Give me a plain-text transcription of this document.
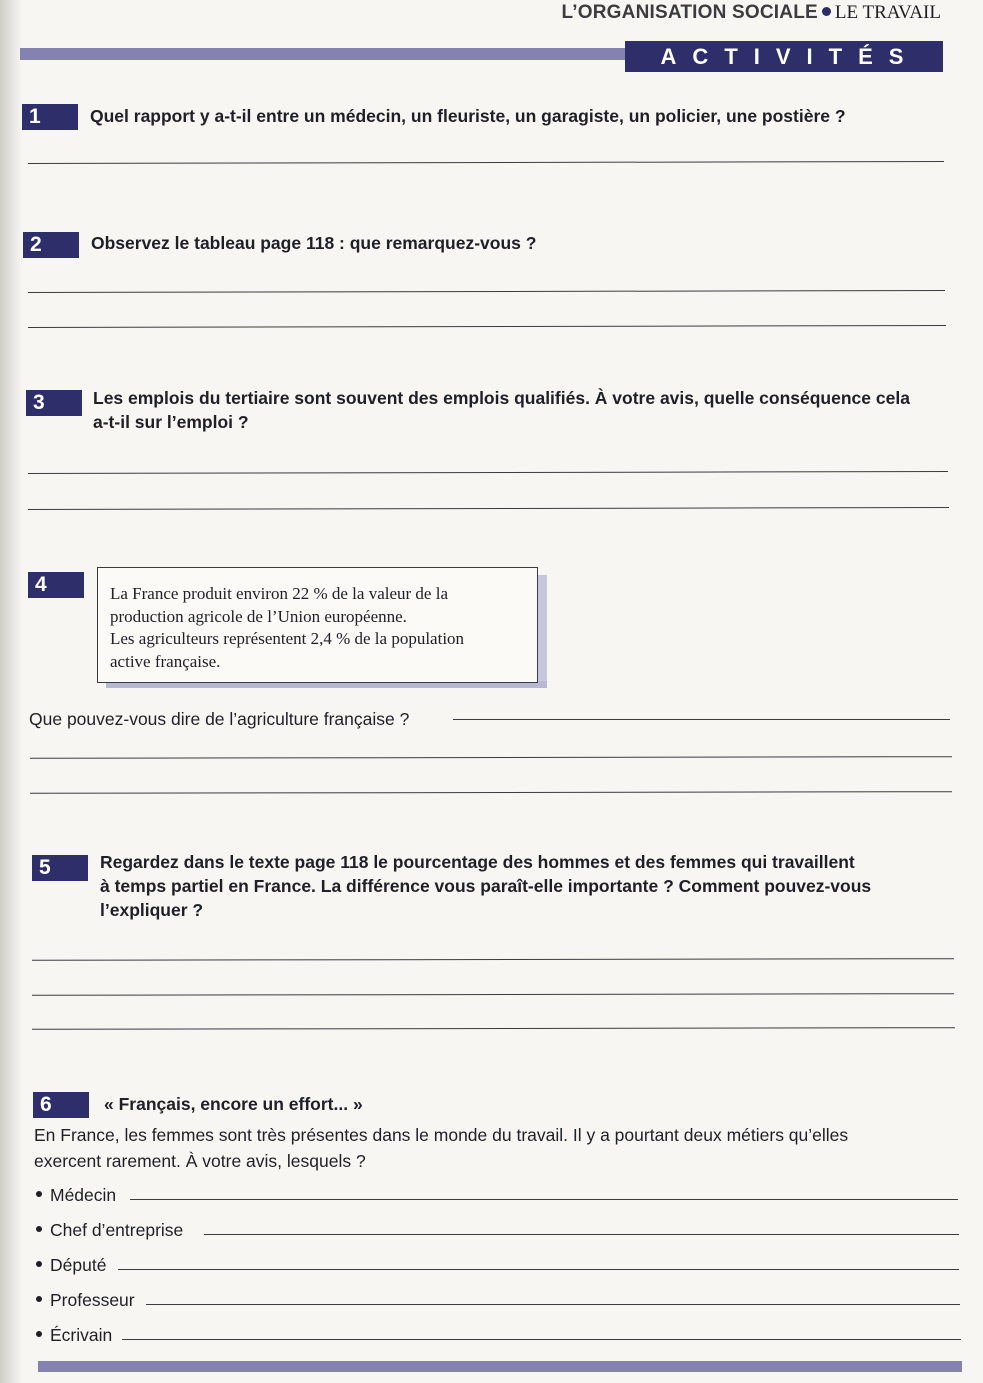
L’ORGANISATION SOCIALE LE TRAVAIL
ACTIVITÉS
1	Quel rapport y a-t-il entre un médecin, un fleuriste, un garagiste, un policier, une postière ?
2	Observez le tableau page 118 : que remarquez-vous ?
3	Les emplois du tertiaire sont souvent des emplois qualifiés. À votre avis, quelle conséquence cela
a-t-il sur l’emploi ?
4	La France produit environ 22 % de la valeur de la
production agricole de l’Union européenne.
Les agriculteurs représentent 2,4 % de la population
active française.
Que pouvez-vous dire de l’agriculture française ?
5	Regardez dans le texte page 118 le pourcentage des hommes et des femmes qui travaillent
à temps partiel en France. La différence vous paraît-elle importante ? Comment pouvez-vous
l’expliquer ?
6	« Français, encore un effort... »
En France, les femmes sont très présentes dans le monde du travail. Il y a pourtant deux métiers qu’elles
exercent rarement. À votre avis, lesquels ?
Médecin
Chef d’entreprise
Député
Professeur
Écrivain
